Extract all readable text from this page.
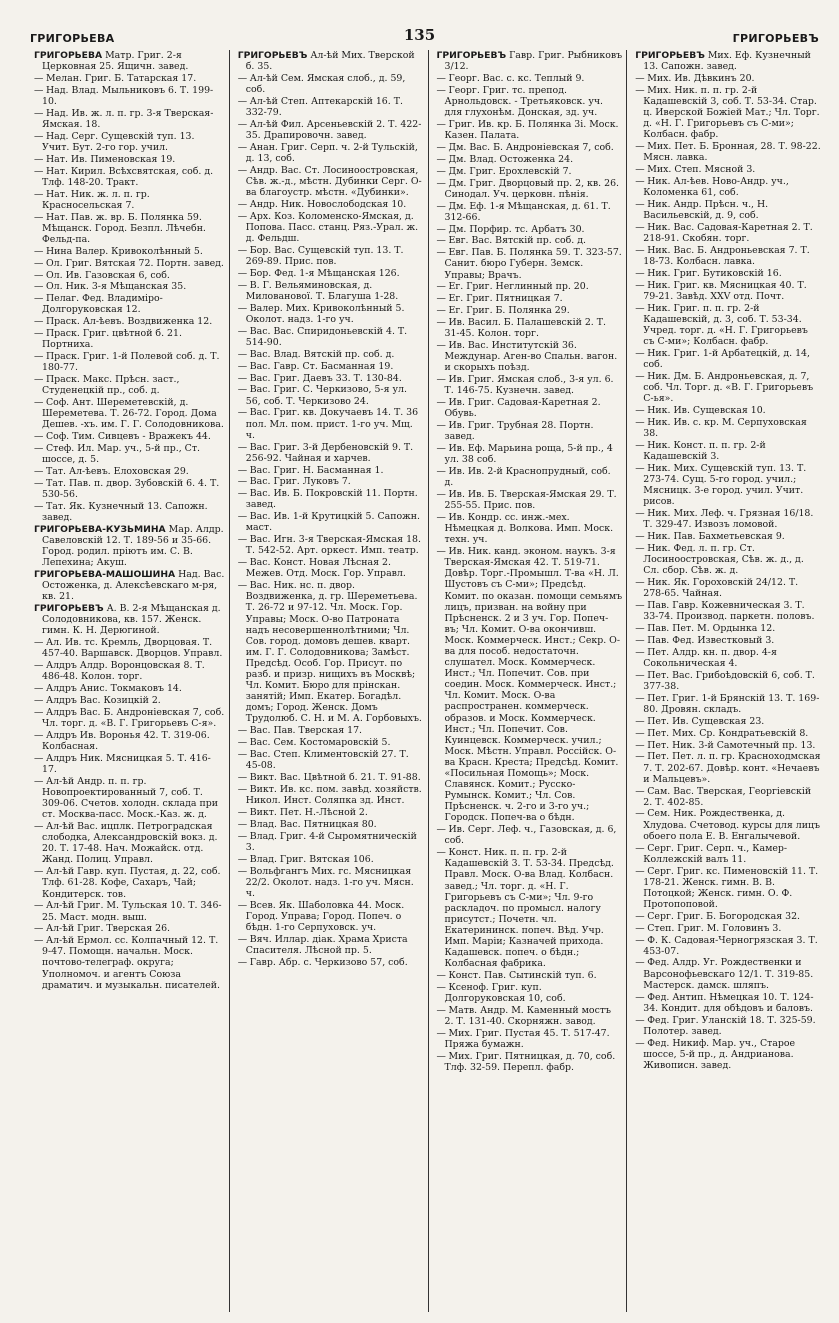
ГРИГОРЬЕВА	135	ГРИГОРЬЕВЪ
ГРИГОРЬЕВА Матр. Григ. 2-я Церковная 25. Ящичн. завед.
— Мелан. Григ. Б. Татарская 17.
— Над. Влад. Мыльниковъ 6. Т. 199-10.
— Над. Ив. ж. л. п. гр. 3-я Тверская-Ямская. 18.
— Над. Серг. Сущевскій туп. 13. Учит. Бут. 2-го гор. учил.
— Нат. Ив. Пименовская 19.
— Нат. Кирил. Всѣхсвятская, соб. д. Тлф. 148-20. Тракт.
— Нат. Ник. ж. л. п. гр. Красносельская 7.
— Нат. Пав. ж. вр. Б. Полянка 59. Мѣщанск. Город. Безпл. Лѣчебн. Фельд-па.
— Нина Валер. Кривоколѣнный 5.
— Ол. Григ. Вятская 72. Портн. завед.
— Ол. Ив. Газовская 6, соб.
— Ол. Ник. 3-я Мѣщанская 35.
— Пелаг. Фед. Владиміро-Долгоруковская 12.
— Праск. Ал-ѣевъ. Воздвиженка 12.
— Праск. Григ. цвѣтной б. 21. Портниха.
— Праск. Григ. 1-й Полевой соб. д. Т. 180-77.
— Праск. Макс. Прѣсн. заст., Студенецкій пр., соб. д.
— Соф. Ант. Шереметевскій, д. Шереметева. Т. 26-72. Город. Дома Дешев. -хъ. им. Г. Г. Солодовникова.
— Соф. Тим. Сивцевъ - Вражекъ 44.
— Стеф. Ил. Мар. уч., 5-й пр., Ст. шоссе, д. 5.
— Тат. Ал-ѣевъ. Елоховская 29.
— Тат. Пав. п. двор. Зубовскій 6. 4. Т. 530-56.
— Тат. Як. Кузнечный 13. Сапожн. завед.
ГРИГОРЬЕВА-КУЗЬМИНА Мар. Алдр. Савеловскій 12. Т. 189-56 и 35-66. Город. родил. пріютъ им. С. В. Лепехина; Акуш.
ГРИГОРЬЕВА-МАШОШИНА Над. Вас. Остоженка, д. Алексѣевскаго м-ря, кв. 21.
ГРИГОРЬЕВЪ А. В. 2-я Мѣщанская д. Солодовникова, кв. 157. Женск. гимн. К. Н. Дерюгиной.
— Ал. Ив. тс. Кремль, Дворцовая. Т. 457-40. Варшавск. Дворцов. Управл.
— Алдръ Алдр. Воронцовская 8. Т. 486-48. Колон. торг.
— Алдръ Анис. Токмаковъ 14.
— Алдръ Вас. Козицкій 2.
— Алдръ Вас. Б. Андроніевская 7, соб. Чл. торг. д. «В. Г. Григорьевъ С-я».
— Алдръ Ив. Воронья 42. Т. 319-06. Колбасная.
— Алдръ Ник. Мясницкая 5. Т. 416-17.
— Ал-ѣй Андр. п. п. гр. Новопроектированный 7, соб. Т. 309-06. Счетов. холодн. склада при ст. Москва-пасс. Моск.-Каз. ж. д.
— Ал-ѣй Вас. ицплк. Петроградская слободка, Александровскій вокз. д. 20. Т. 17-48. Нач. Можайск. отд. Жанд. Полиц. Управл.
— Ал-ѣй Гавр. куп. Пустая, д. 22, соб. Тлф. 61-28. Кофе, Сахаръ, Чай; Кондитерск. тов.
— Ал-ѣй Григ. М. Тульская 10. Т. 346-25. Маст. модн. выш.
— Ал-ѣй Григ. Тверская 26.
— Ал-ѣй Ермол. сс. Колпачный 12. Т. 9-47. Помощн. начальн. Моск. почтово-телеграф. округа; Уполномоч. и агентъ Союза драматич. и музыкальн. писателей.
ГРИГОРЬЕВЪ Ал-ѣй Мих. Тверской б. 35.
— Ал-ѣй Сем. Ямская слоб., д. 59, соб.
— Ал-ѣй Степ. Аптекарскій 16. Т. 332-79.
— Ал-ѣй Фил. Арсеньевскій 2. Т. 422-35. Драпировочн. завед.
— Анан. Григ. Серп. ч. 2-й Тульскій, д. 13, соб.
— Андр. Вас. Ст. Лосиноостровская, Сѣв. ж.-д., мѣстн. Дубинки Серг. О-ва благоустр. мѣстн. «Дубинки».
— Андр. Ник. Новослободская 10.
— Арх. Коз. Коломенско-Ямская, д. Попова. Пасс. станц. Ряз.-Урал. ж. д. Фельдш.
— Бор. Вас. Сущевскій туп. 13. Т. 269-89. Прис. пов.
— Бор. Фед. 1-я Мѣщанская 126.
— В. Г. Вельяминовская, д. Милованової. Т. Благуша 1-28.
— Валер. Мих. Кривоколѣнный 5. Околот. надз. 1-го уч.
— Вас. Вас. Спиридоньевскій 4. Т. 514-90.
— Вас. Влад. Вятскій пр. соб. д.
— Вас. Гавр. Ст. Басманная 19.
— Вас. Григ. Даевъ 33. Т. 130-84.
— Вас. Григ. С. Черкизово, 5-я ул. 56, соб. Т. Черкизово 24.
— Вас. Григ. кв. Докучаевъ 14. Т. 36 пол. Мл. пом. прист. 1-го уч. Мщ. ч.
— Вас. Григ. 3-й Дербеновскій 9. Т. 256-92. Чайная и харчев.
— Вас. Григ. Н. Басманная 1.
— Вас. Григ. Луковъ 7.
— Вас. Ив. Б. Покровскій 11. Портн. завед.
— Вас. Ив. 1-й Крутицкій 5. Сапожн. маст.
— Вас. Игн. 3-я Тверская-Ямская 18. Т. 542-52. Арт. оркест. Имп. театр.
— Вас. Конст. Новая Лѣсная 2. Межев. Отд. Моск. Гор. Управл.
— Вас. Ник. нс. п. двор. Воздвиженка, д. гр. Шереметьева. Т. 26-72 и 97-12. Чл. Моск. Гор. Управы; Моск. О-во Патроната надъ несовершеннолѣтними; Чл. Сов. город. домовъ дешев. кварт. им. Г. Г. Солодовникова; Замѣст. Предсѣд. Особ. Гор. Присут. по разб. и призр. нищихъ въ Москвѣ; Чл. Комит. Бюро для прінскан. занятій; Имп. Екатер. Богадѣл. домъ; Город. Женск. Домъ Трудолюб. С. Н. и М. А. Горбовыхъ.
— Вас. Пав. Тверская 17.
— Вас. Сем. Костомаровскій 5.
— Вас. Степ. Климентовскій 27. Т. 45-08.
— Викт. Вас. Цвѣтной б. 21. Т. 91-88.
— Викт. Ив. кс. пом. завѣд. хозяйств. Никол. Инст. Соляпка зд. Инст.
— Викт. Пет. Н.-Лѣсной 2.
— Влад. Вас. Пятницкая 80.
— Влад. Григ. 4-й Сыромятническій 3.
— Влад. Григ. Вятская 106.
— Вольфгангъ Мих. гс. Мясницкая 22/2. Околот. надз. 1-го уч. Мясн. ч.
— Всев. Як. Шаболовка 44. Моск. Город. Управа; Город. Попеч. о бѣдн. 1-го Серпуховск. уч.
— Вяч. Иллар. діак. Храма Христа Спасителя. Лѣсной пр. 5.
— Гавр. Абр. с. Черкизово 57, соб.
ГРИГОРЬЕВЪ Гавр. Григ. Рыбниковъ 3/12.
— Георг. Вас. с. кс. Теплый 9.
— Георг. Григ. тс. препод. Арнольдовск. - Третьяковск. уч. для глухонѣм. Донская, зд. уч.
— Григ. Ив. кр. Б. Полянка 3і. Моск. Казен. Палата.
— Дм. Вас. Б. Андроніевская 7, соб.
— Дм. Влад. Остоженка 24.
— Дм. Григ. Ерохлевскій 7.
— Дм. Григ. Дворцовый пр. 2, кв. 26. Синодал. Уч. церковн. пѣнія.
— Дм. Еф. 1-я Мѣщанская, д. 61. Т. 312-66.
— Дм. Порфир. тс. Арбатъ 30.
— Евг. Вас. Вятскій пр. соб. д.
— Евг. Пав. Б. Полянка 59. Т. 323-57. Санит. бюро Губерн. Земск. Управы; Врачъ.
— Ег. Григ. Неглинный пр. 20.
— Ег. Григ. Пятницкая 7.
— Ег. Григ. Б. Полянка 29.
— Ив. Васил. Б. Палашевскій 2. Т. 31-45. Колон. торг.
— Ив. Вас. Институтскій 36. Междунар. Аген-во Спальн. вагон. и скорыхъ поѣзд.
— Ив. Григ. Ямская слоб., 3-я ул. 6. Т. 146-75. Кузнечн. завед.
— Ив. Григ. Садовая-Каретная 2. Обувь.
— Ив. Григ. Трубная 28. Портн. завед.
— Ив. Еф. Марьина роща, 5-й пр., 4 ул. 38 соб.
— Ив. Ив. 2-й Краснопрудный, соб. д.
— Ив. Ив. Б. Тверская-Ямская 29. Т. 255-55. Прис. пов.
— Ив. Кондр. сс. инж.-мех. Нѣмецкая д. Волкова. Имп. Моск. техн. уч.
— Ив. Ник. канд. эконом. наукъ. 3-я Тверская-Ямская 42. Т. 519-71. Довѣр. Торг.-Промышл. Т-ва «Н. Л. Шустовъ съ С-ми»; Предсѣд. Комит. по оказан. помощи семьямъ лицъ, призван. на войну при Прѣсненск. 2 и 3 уч. Гор. Попеч-въ; Чл. Комит. О-ва окончивш. Моск. Коммерческ. Инст.; Секр. О-ва для пособ. недостаточн. слушател. Моск. Коммерческ. Инст.; Чл. Попечит. Сов. при соедин. Моск. Коммерческ. Инст.; Чл. Комит. Моск. О-ва распространен. коммерческ. образов. и Моск. Коммерческ. Инст.; Чл. Попечит. Сов. Куинцевск. Коммерческ. учил.; Моск. Мѣстн. Управл. Россійск. О-ва Красн. Креста; Предсѣд. Комит. «Посильная Помощь»; Моск. Славянск. Комит.; Русско-Румынск. Комит.; Чл. Сов. Прѣсненск. ч. 2-го и 3-го уч.; Городск. Попеч-ва о бѣдн.
— Ив. Серг. Леф. ч., Газовская, д. 6, соб.
— Конст. Ник. п. п. гр. 2-й Кадашевскій 3. Т. 53-34. Предсѣд. Правл. Моск. О-ва Влад. Колбасн. завед.; Чл. торг. д. «Н. Г. Григорьевъ съ С-ми»; Чл. 9-го раскладоч. по промысл. налогу присутст.; Почетн. чл. Екатерининск. попеч. Вѣд. Учр. Имп. Маріи; Казначей прихода. Кадашевск. попеч. о бѣдн.; Колбасная фабрика.
— Конст. Пав. Сытинскій туп. 6.
— Ксеноф. Григ. куп. Долгоруковская 10, соб.
— Матв. Андр. М. Каменный мостъ 2. Т. 131-40. Скорняжн. завод.
— Мих. Григ. Пустая 45. Т. 517-47. Пряжа бумажн.
— Мих. Григ. Пятницкая, д. 70, соб. Тлф. 32-59. Перепл. фабр.
ГРИГОРЬЕВЪ Мих. Еф. Кузнечный 13. Сапожн. завед.
— Мих. Ив. Дѣвкинъ 20.
— Мих. Ник. п. п. гр. 2-й Кадашевскій 3, соб. Т. 53-34. Стар. ц. Иверской Божіей Мат.; Чл. Торг. д. «Н. Г. Григорьевъ съ С-ми»; Колбасн. фабр.
— Мих. Пет. Б. Бронная, 28. Т. 98-22. Мясн. лавка.
— Мих. Степ. Мясной 3.
— Ник. Ал-ѣев. Ново-Андр. уч., Коломенка 61, соб.
— Ник. Андр. Прѣсн. ч., Н. Васильевскій, д. 9, соб.
— Ник. Вас. Садовая-Каретная 2. Т. 218-91. Скобян. торг.
— Ник. Вас. Б. Андроньевская 7. Т. 18-73. Колбасн. лавка.
— Ник. Григ. Бутиковскій 16.
— Ник. Григ. кв. Мясницкая 40. Т. 79-21. Завѣд. XXV отд. Почт.
— Ник. Григ. п. п. гр. 2-й Кадашевскій, д. 3, соб. Т. 53-34. Учред. торг. д. «Н. Г. Григорьевъ съ С-ми»; Колбасн. фабр.
— Ник. Григ. 1-й Арбатецкій, д. 14, соб.
— Ник. Дм. Б. Андроньевская, д. 7, соб. Чл. Торг. д. «В. Г. Григорьевъ С-ья».
— Ник. Ив. Сущевская 10.
— Ник. Ив. с. кр. М. Серпуховская 38.
— Ник. Конст. п. п. гр. 2-й Кадашевскій 3.
— Ник. Мих. Сущевскій туп. 13. Т. 273-74. Сущ. 5-го город. учил.; Мясницк. 3-е город. учил. Учит. рисов.
— Ник. Мих. Леф. ч. Грязная 16/18. Т. 329-47. Извозъ ломовой.
— Ник. Пав. Бахметьевская 9.
— Ник. Фед. л. п. гр. Ст. Лосиноостровская, Сѣв. ж. д., д. Сл. сбор. Сѣв. ж. д.
— Ник. Як. Гороховскій 24/12. Т. 278-65. Чайная.
— Пав. Гавр. Кожевническая 3. Т. 33-74. Производ. паркетн. половъ.
— Пав. Пет. М. Ордынка 12.
— Пав. Фед. Известковый 3.
— Пет. Алдр. кн. п. двор. 4-я Сокольническая 4.
— Пет. Вас. Грибоѣдовскій 6, соб. Т. 377-38.
— Пет. Григ. 1-й Брянскій 13. Т. 169-80. Дровян. складъ.
— Пет. Ив. Сущевская 23.
— Пет. Мих. Ср. Кондратьевскій 8.
— Пет. Ник. 3-й Самотечный пр. 13.
— Пет. Пет. л. п. гр. Красноходмская 7. Т. 202-67. Довѣр. конт. «Нечаевъ и Мальцевъ».
— Сам. Вас. Тверская, Георгіевскій 2. Т. 402-85.
— Сем. Ник. Рождественка, д. Хлудова. Счетовод. курсы для лицъ обоего пола Е. В. Енгалычевой.
— Серг. Григ. Серп. ч., Камер-Коллежскій валъ 11.
— Серг. Григ. кс. Пименовскій 11. Т. 178-21. Женск. гимн. В. В. Потоцкой; Женск. гимн. О. Ф. Протопоповой.
— Серг. Григ. Б. Богородская 32.
— Степ. Григ. М. Головинъ 3.
— Ф. К. Садовая-Черногрязская 3. Т. 453-07.
— Фед. Алдр. Уг. Рождественки и Варсонофьевскаго 12/1. Т. 319-85. Мастерск. дамск. шляпъ.
— Фед. Антип. Нѣмецкая 10. Т. 124-34. Кондит. для обѣдовъ и баловъ.
— Фед. Григ. Уланскій 18. Т. 325-59. Полотер. завед.
— Фед. Никиф. Мар. уч., Старое шоссе, 5-й пр., д. Андрианова. Живописн. завед.
